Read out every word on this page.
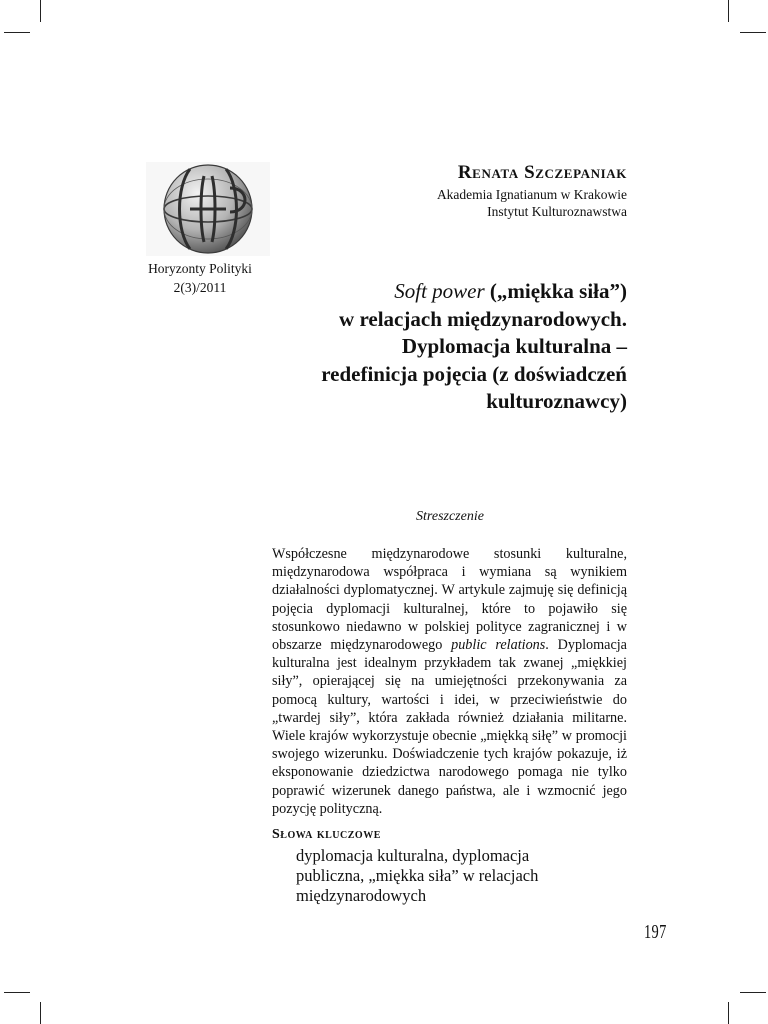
Horyzonty Polityki
2(3)/2011
Renata Szczepaniak
Akademia Ignatianum w Krakowie
Instytut Kulturoznawstwa
Soft power („miękka siła”)
w relacjach międzynarodowych.
Dyplomacja kulturalna –
redefinicja pojęcia (z doświadczeń
kulturoznawcy)
Streszczenie

Współczesne międzynarodowe stosunki kulturalne, międzynarodowa współpraca i wymiana są wynikiem działalności dyplomatycznej. W artykule zajmuję się definicją pojęcia dyplomacji kulturalnej, które to pojawiło się stosunkowo niedawno w polskiej polityce zagranicznej i w obszarze międzynarodowego public relations. Dyplomacja kulturalna jest idealnym przykładem tak zwanej „miękkiej siły”, opierającej się na umiejętności przekonywania za pomocą kultury, wartości i idei, w przeciwieństwie do „twardej siły”, która zakłada również działania militarne. Wiele krajów wykorzystuje obecnie „miękką siłę” w promocji swojego wizerunku. Doświadczenie tych krajów pokazuje, iż eksponowanie dziedzictwa narodowego pomaga nie tylko poprawić wizerunek danego państwa, ale i wzmocnić jego pozycję polityczną.

Słowa kluczowe
dyplomacja kulturalna, dyplomacja publiczna, „miękka siła” w relacjach międzynarodowych
197
